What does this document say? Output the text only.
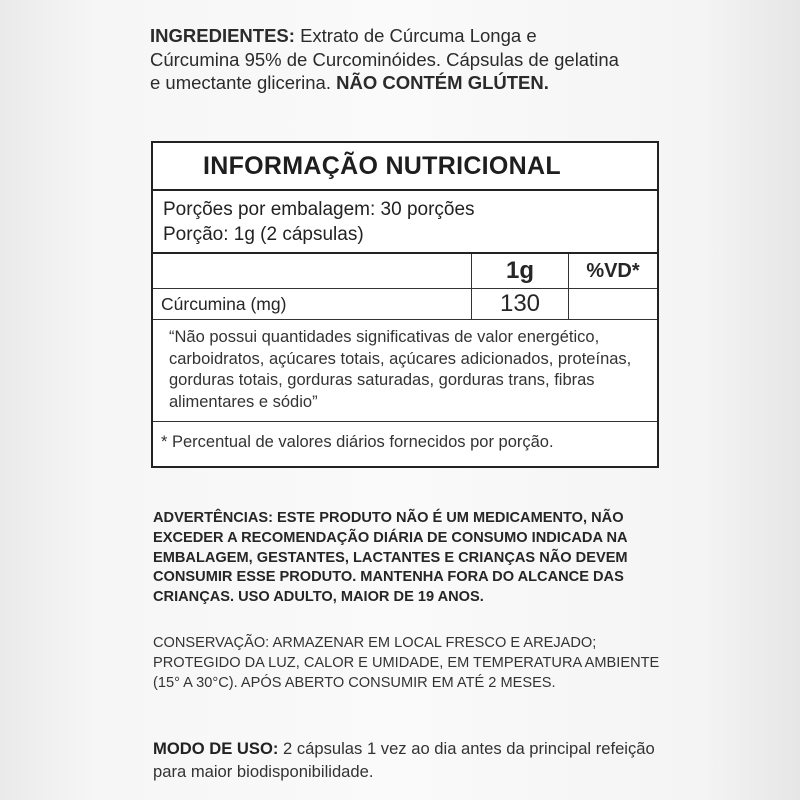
INGREDIENTES: Extrato de Cúrcuma Longa e Cúrcumina 95% de Curcominóides. Cápsulas de gelatina e umectante glicerina. NÃO CONTÉM GLÚTEN.
INFORMAÇÃO NUTRICIONAL
Porções por embalagem: 30 porções
Porção: 1g (2 cápsulas)
1g	%VD*
Cúrcumina (mg)	130
“Não possui quantidades significativas de valor energético, carboidratos, açúcares totais, açúcares adicionados, proteínas, gorduras totais, gorduras saturadas, gorduras trans, fibras alimentares e sódio”
* Percentual de valores diários fornecidos por porção.
ADVERTÊNCIAS: ESTE PRODUTO NÃO É UM MEDICAMENTO, NÃO EXCEDER A RECOMENDAÇÃO DIÁRIA DE CONSUMO INDICADA NA EMBALAGEM, GESTANTES, LACTANTES E CRIANÇAS NÃO DEVEM CONSUMIR ESSE PRODUTO. MANTENHA FORA DO ALCANCE DAS CRIANÇAS. USO ADULTO, MAIOR DE 19 ANOS.
CONSERVAÇÃO: ARMAZENAR EM LOCAL FRESCO E AREJADO; PROTEGIDO DA LUZ, CALOR E UMIDADE, EM TEMPERATURA AMBIENTE (15° A 30°C). APÓS ABERTO CONSUMIR EM ATÉ 2 MESES.
MODO DE USO: 2 cápsulas 1 vez ao dia antes da principal refeição para maior biodisponibilidade.
